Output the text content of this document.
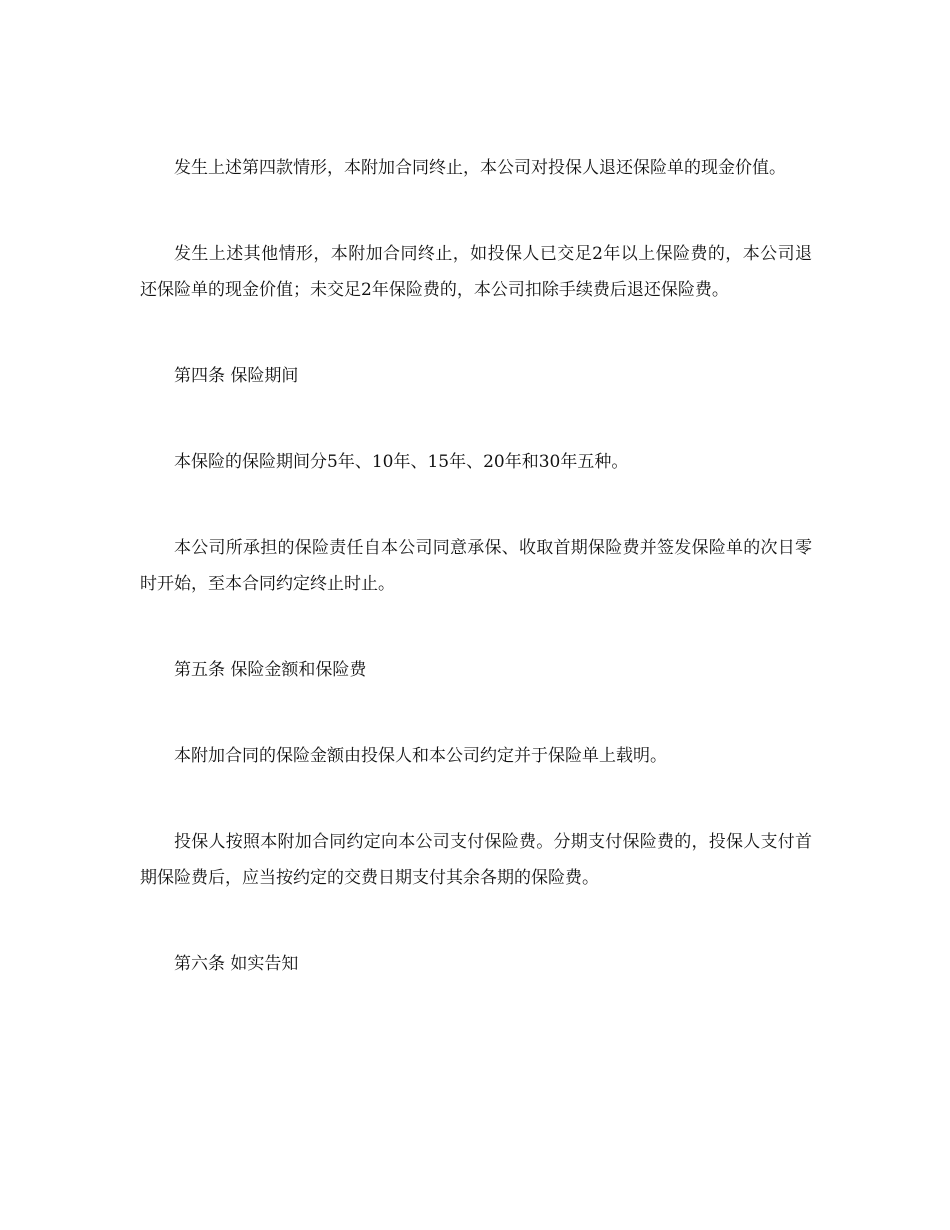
发生上述第四款情形，本附加合同终止，本公司对投保人退还保险单的现金价值。

发生上述其他情形，本附加合同终止，如投保人已交足2年以上保险费的，本公司退还保险单的现金价值；未交足2年保险费的，本公司扣除手续费后退还保险费。

第四条 保险期间

本保险的保险期间分5年、10年、15年、20年和30年五种。

本公司所承担的保险责任自本公司同意承保、收取首期保险费并签发保险单的次日零时开始，至本合同约定终止时止。

第五条 保险金额和保险费

本附加合同的保险金额由投保人和本公司约定并于保险单上载明。

投保人按照本附加合同约定向本公司支付保险费。分期支付保险费的，投保人支付首期保险费后，应当按约定的交费日期支付其余各期的保险费。

第六条 如实告知
